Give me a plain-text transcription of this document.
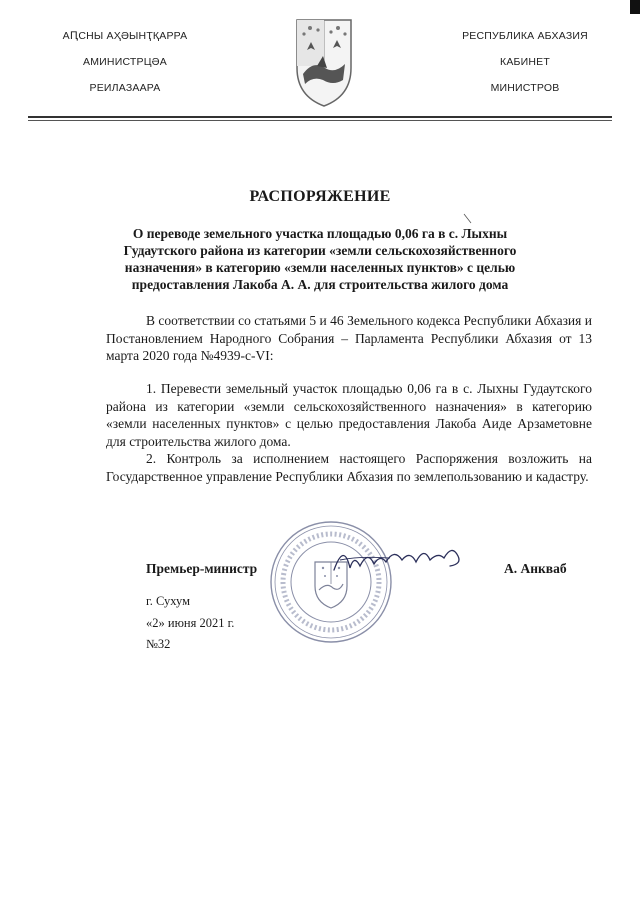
АԤСНЫ АҲӘЫНҬҚАРРА
АМИНИСТРЦӘА
РЕИЛАЗААРА
РЕСПУБЛИКА АБХАЗИЯ
КАБИНЕТ
МИНИСТРОВ
РАСПОРЯЖЕНИЕ
О переводе земельного участка площадью 0,06 га в с. Лыхны Гудаутского района из категории «земли сельскохозяйственного назначения» в категорию «земли населенных пунктов» с целью предоставления Лакоба А. А. для строительства жилого дома

В соответствии со статьями 5 и 46 Земельного кодекса Республики Абхазия и Постановлением Народного Собрания – Парламента Республики Абхазия от 13 марта 2020 года №4939-с-VI:

1. Перевести земельный участок площадью 0,06 га в с. Лыхны Гудаутского района из категории «земли сельскохозяйственного назначения» в категорию «земли населенных пунктов» с целью предоставления Лакоба Аиде Арзаметовне для строительства жилого дома.

2. Контроль за исполнением настоящего Распоряжения возложить на Государственное управление Республики Абхазия по землепользованию и кадастру.

Премьер-министр	А. Анкваб
г. Сухум
«2» июня 2021 г.
№32
